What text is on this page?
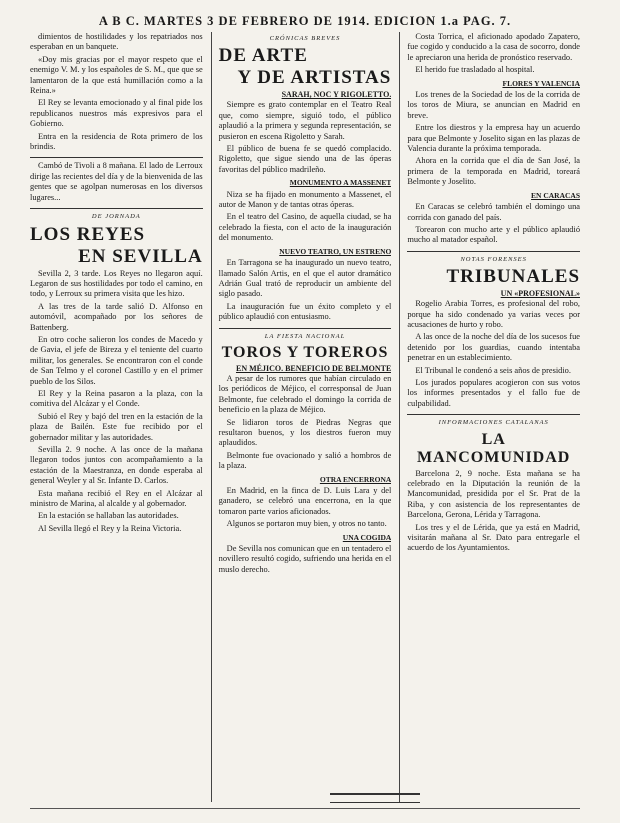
A B C. MARTES 3 DE FEBRERO DE 1914. EDICION 1.a PAG. 7.

dimientos de hostilidades y los repatriados nos esperaban en un banquete.

«Doy mis gracias por el mayor respeto que el enemigo V. M. y los españoles de S. M., que que se lamentaron de la que está humillación como a la Reina.»

El Rey se levanta emocionado y al final pide los republicanos nuestros más expresivos para el Gobierno.

Entra en la residencia de Rota primero de los brindis.

Cambó de Tivoli a 8 mañana. El lado de Lerroux dirige las recientes del día y de la bienvenida de las gentes que se agolpan numerosas en los diversos lugares...

DE JORNADA
LOS REYES
EN SEVILLA

Sevilla 2, 3 tarde. Los Reyes no llegaron aquí. Legaron de sus hostilidades por todo el camino, en todo, y Lerroux su primera visita que les hizo.

A las tres de la tarde salió D. Alfonso en automóvil, acompañado por los señores de Battenberg.

En otro coche salieron los condes de Macedo y de Gavia, el jefe de Bireza y el teniente del cuarto militar, los generales. Se encontraron con el conde de San Telmo y el coronel Castillo y en el primer pueblo de los Silos.

El Rey y la Reina pasaron a la plaza, con la comitiva del Alcázar y el Conde.

Subió el Rey y bajó del tren en la estación de la plaza de Bailén. Este fue recibido por el gobernador militar y las autoridades.

Sevilla 2. 9 noche. A las once de la mañana llegaron todos juntos con acompañamiento a la estación de la Maestranza, en donde esperaba al general Weyler y al Sr. Infante D. Carlos.

Esta mañana recibió el Rey en el Alcázar al ministro de Marina, al alcalde y al gobernador.

En la estación se hallaban las autoridades.

Al Sevilla llegó el Rey y la Reina Victoria.

CRÓNICAS BREVES
DE ARTE
Y DE ARTISTAS
SARAH, NOC Y RIGOLETTO.

Siempre es grato contemplar en el Teatro Real que, como siempre, siguió todo, el público aplaudió a la primera y segunda representación, se pusieron en escena Rigoletto y Sarah.

El público de buena fe se quedó complacido. Rigoletto, que sigue siendo una de las óperas favoritas del público madrileño.

MONUMENTO A MASSENET

Niza se ha fijado en monumento a Massenet, el autor de Manon y de tantas otras óperas.

En el teatro del Casino, de aquella ciudad, se ha celebrado la fiesta, con el acto de la inauguración del monumento.

NUEVO TEATRO, UN ESTRENO

En Tarragona se ha inaugurado un nuevo teatro, llamado Salón Artis, en el que el autor dramático Adrián Gual trató de reproducir un ambiente del siglo pasado.

La inauguración fue un éxito completo y el público aplaudió con entusiasmo.

LA FIESTA NACIONAL
TOROS Y TOREROS
EN MÉJICO. BENEFICIO DE BELMONTE

A pesar de los rumores que habían circulado en los periódicos de Méjico, el corresponsal de Juan Belmonte, fue celebrado el domingo la corrida de beneficio en la plaza de Méjico.

Se lidiaron toros de Piedras Negras que resultaron buenos, y los diestros fueron muy aplaudidos.

Belmonte fue ovacionado y salió a hombros de la plaza.

OTRA ENCERRONA

En Madrid, en la finca de D. Luis Lara y del ganadero, se celebró una encerrona, en la que tomaron parte varios aficionados.

Algunos se portaron muy bien, y otros no tanto.

UNA COGIDA

De Sevilla nos comunican que en un tentadero el novillero resultó cogido, sufriendo una herida en el muslo derecho.

Costa Torrica, el aficionado apodado Zapatero, fue cogido y conducido a la casa de socorro, donde le apreciaron una herida de pronóstico reservado.

El herido fue trasladado al hospital.

FLORES Y VALENCIA

Los trenes de la Sociedad de los de la corrida de los toros de Miura, se anuncian en Madrid en breve.

Entre los diestros y la empresa hay un acuerdo para que Belmonte y Joselito sigan en las plazas de Valencia durante la próxima temporada.

Ahora en la corrida que el día de San José, la primera de la temporada en Madrid, toreará Belmonte y Joselito.

EN CARACAS

En Caracas se celebró también el domingo una corrida con ganado del país.

Torearon con mucho arte y el público aplaudió mucho al matador español.

NOTAS FORENSES
TRIBUNALES
UN «PROFESIONAL»

Rogelio Arabia Torres, es profesional del robo, porque ha sido condenado ya varias veces por acusaciones de hurto y robo.

A las once de la noche del día de los sucesos fue detenido por los guardias, cuando intentaba penetrar en un establecimiento.

El Tribunal le condenó a seis años de presidio.

Los jurados populares acogieron con sus votos los informes presentados y el fallo fue de culpabilidad.

INFORMACIONES CATALANAS
LA MANCOMUNIDAD

Barcelona 2, 9 noche. Esta mañana se ha celebrado en la Diputación la reunión de la Mancomunidad, presidida por el Sr. Prat de la Riba, y con asistencia de los representantes de Barcelona, Gerona, Lérida y Tarragona.

Los tres y el de Lérida, que ya está en Madrid, visitarán mañana al Sr. Dato para entregarle el acuerdo de los Ayuntamientos.
